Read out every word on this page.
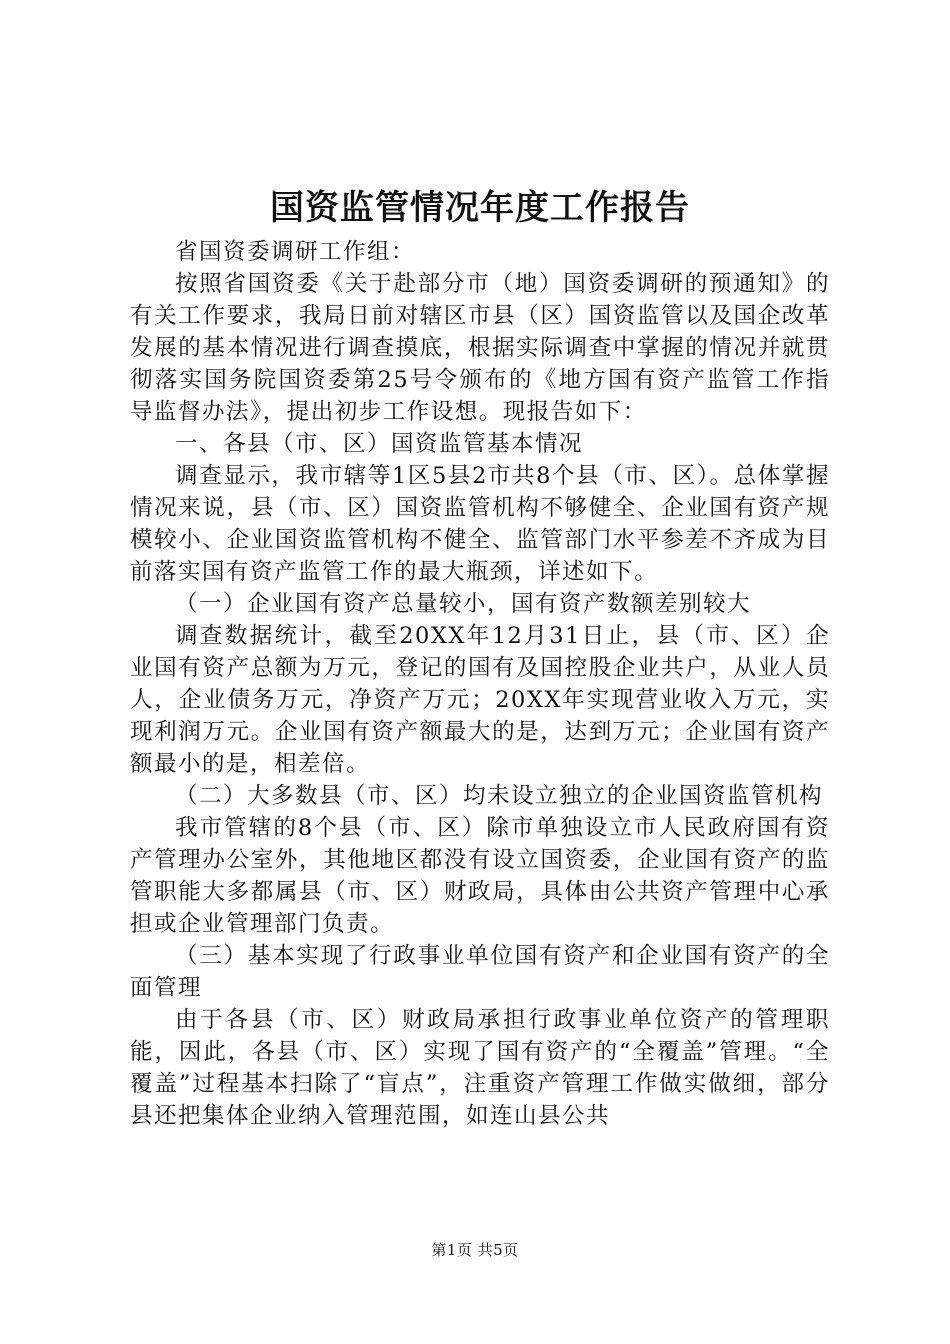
国资监管情况年度工作报告

省国资委调研工作组：

按照省国资委《关于赴部分市（地）国资委调研的预通知》的有关工作要求，我局日前对辖区市县（区）国资监管以及国企改革发展的基本情况进行调查摸底，根据实际调查中掌握的情况并就贯彻落实国务院国资委第25号令颁布的《地方国有资产监管工作指导监督办法》，提出初步工作设想。现报告如下：

一、各县（市、区）国资监管基本情况

调查显示，我市辖等1区5县2市共8个县（市、区）。总体掌握情况来说，县（市、区）国资监管机构不够健全、企业国有资产规模较小、企业国资监管机构不健全、监管部门水平参差不齐成为目前落实国有资产监管工作的最大瓶颈，详述如下。

（一）企业国有资产总量较小，国有资产数额差别较大

调查数据统计，截至20XX年12月31日止，县（市、区）企业国有资产总额为万元，登记的国有及国控股企业共户，从业人员人，企业债务万元，净资产万元；20XX年实现营业收入万元，实现利润万元。企业国有资产额最大的是，达到万元；企业国有资产额最小的是，相差倍。

（二）大多数县（市、区）均未设立独立的企业国资监管机构

我市管辖的8个县（市、区）除市单独设立市人民政府国有资产管理办公室外，其他地区都没有设立国资委，企业国有资产的监管职能大多都属县（市、区）财政局，具体由公共资产管理中心承担或企业管理部门负责。

（三）基本实现了行政事业单位国有资产和企业国有资产的全面管理

由于各县（市、区）财政局承担行政事业单位资产的管理职能，因此，各县（市、区）实现了国有资产的“全覆盖”管理。“全覆盖”过程基本扫除了“盲点”，注重资产管理工作做实做细，部分县还把集体企业纳入管理范围，如连山县公共

第1页 共5页
